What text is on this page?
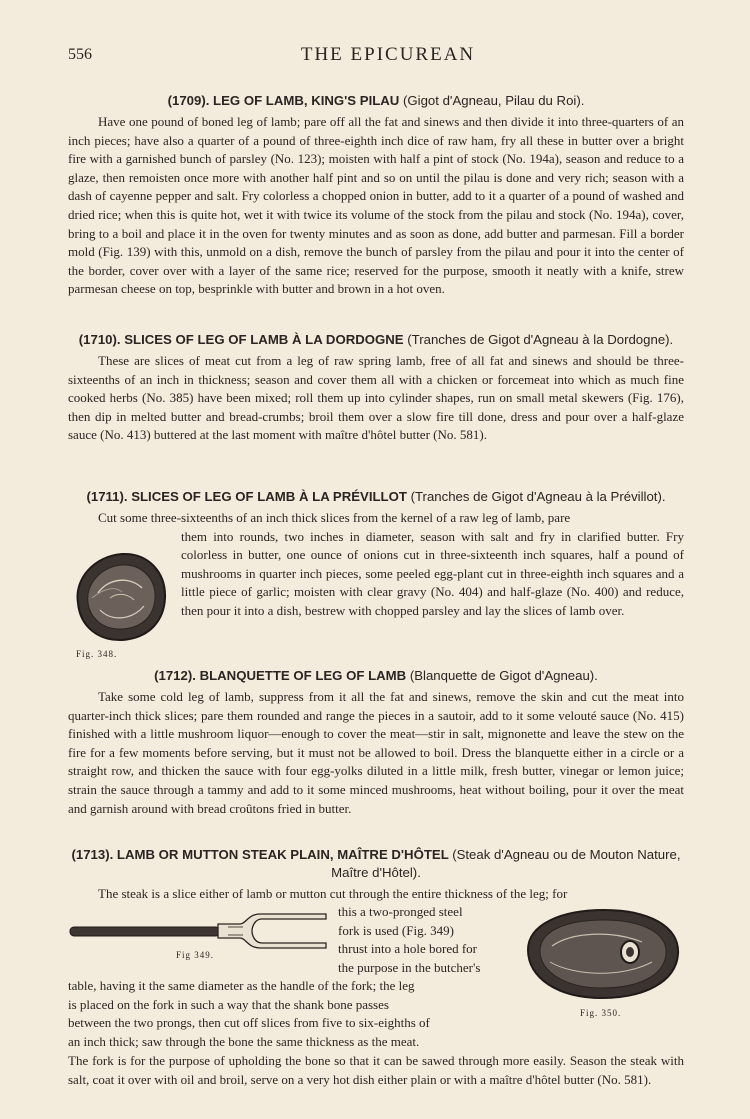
556	THE EPICUREAN

(1709). LEG OF LAMB, KING'S PILAU (Gigot d'Agneau, Pilau du Roi).

Have one pound of boned leg of lamb; pare off all the fat and sinews and then divide it into three-quarters of an inch pieces; have also a quarter of a pound of three-eighth inch dice of raw ham, fry all these in butter over a bright fire with a garnished bunch of parsley (No. 123); moisten with half a pint of stock (No. 194a), season and reduce to a glaze, then remoisten once more with another half pint and so on until the pilau is done and very rich; season with a dash of cayenne pepper and salt. Fry colorless a chopped onion in butter, add to it a quarter of a pound of washed and dried rice; when this is quite hot, wet it with twice its volume of the stock from the pilau and stock (No. 194a), cover, bring to a boil and place it in the oven for twenty minutes and as soon as done, add butter and parmesan. Fill a border mold (Fig. 139) with this, unmold on a dish, remove the bunch of parsley from the pilau and pour it into the center of the border, cover over with a layer of the same rice; reserved for the purpose, smooth it neatly with a knife, strew parmesan cheese on top, besprinkle with butter and brown in a hot oven.

(1710). SLICES OF LEG OF LAMB À LA DORDOGNE (Tranches de Gigot d'Agneau à la Dordogne).

These are slices of meat cut from a leg of raw spring lamb, free of all fat and sinews and should be three-sixteenths of an inch in thickness; season and cover them all with a chicken or forcemeat into which as much fine cooked herbs (No. 385) have been mixed; roll them up into cylinder shapes, run on small metal skewers (Fig. 176), then dip in melted butter and bread-crumbs; broil them over a slow fire till done, dress and pour over a half-glaze sauce (No. 413) buttered at the last moment with maître d'hôtel butter (No. 581).

(1711). SLICES OF LEG OF LAMB À LA PRÉVILLOT (Tranches de Gigot d'Agneau à la Prévillot).

Cut some three-sixteenths of an inch thick slices from the kernel of a raw leg of lamb, pare

them into rounds, two inches in diameter, season with salt and fry in clarified butter. Fry colorless in butter, one ounce of onions cut in three-sixteenth inch squares, half a pound of mushrooms in quarter inch pieces, some peeled egg-plant cut in three-eighth inch squares and a little piece of garlic; moisten with clear gravy (No. 404) and half-glaze (No. 400) and reduce, then pour it into a dish, bestrew with chopped parsley and lay the slices of lamb over.

Fig. 348.

(1712). BLANQUETTE OF LEG OF LAMB (Blanquette de Gigot d'Agneau).

Take some cold leg of lamb, suppress from it all the fat and sinews, remove the skin and cut the meat into quarter-inch thick slices; pare them rounded and range the pieces in a sautoir, add to it some velouté sauce (No. 415) finished with a little mushroom liquor—enough to cover the meat—stir in salt, mignonette and leave the stew on the fire for a few moments before serving, but it must not be allowed to boil. Dress the blanquette either in a circle or a straight row, and thicken the sauce with four egg-yolks diluted in a little milk, fresh butter, vinegar or lemon juice; strain the sauce through a tammy and add to it some minced mushrooms, heat without boiling, pour it over the meat and garnish around with bread croûtons fried in butter.

(1713). LAMB OR MUTTON STEAK PLAIN, MAÎTRE D'HÔTEL (Steak d'Agneau ou de Mouton Nature, Maître d'Hôtel).

The steak is a slice either of lamb or mutton cut through the entire thickness of the leg; for

this a two-pronged steel
fork is used (Fig. 349)
thrust into a hole bored for
the purpose in the butcher's
table, having it the same diameter as the handle of the fork; the leg
is placed on the fork in such a way that the shank bone passes
between the two prongs, then cut off slices from five to six-eighths of
an inch thick; saw through the bone the same thickness as the meat.
The fork is for the purpose of upholding the bone so that it can be sawed through more easily. Season the steak with salt, coat it over with oil and broil, serve on a very hot dish either plain or with a maître d'hôtel butter (No. 581).
Fig 349.
Fig. 350.
